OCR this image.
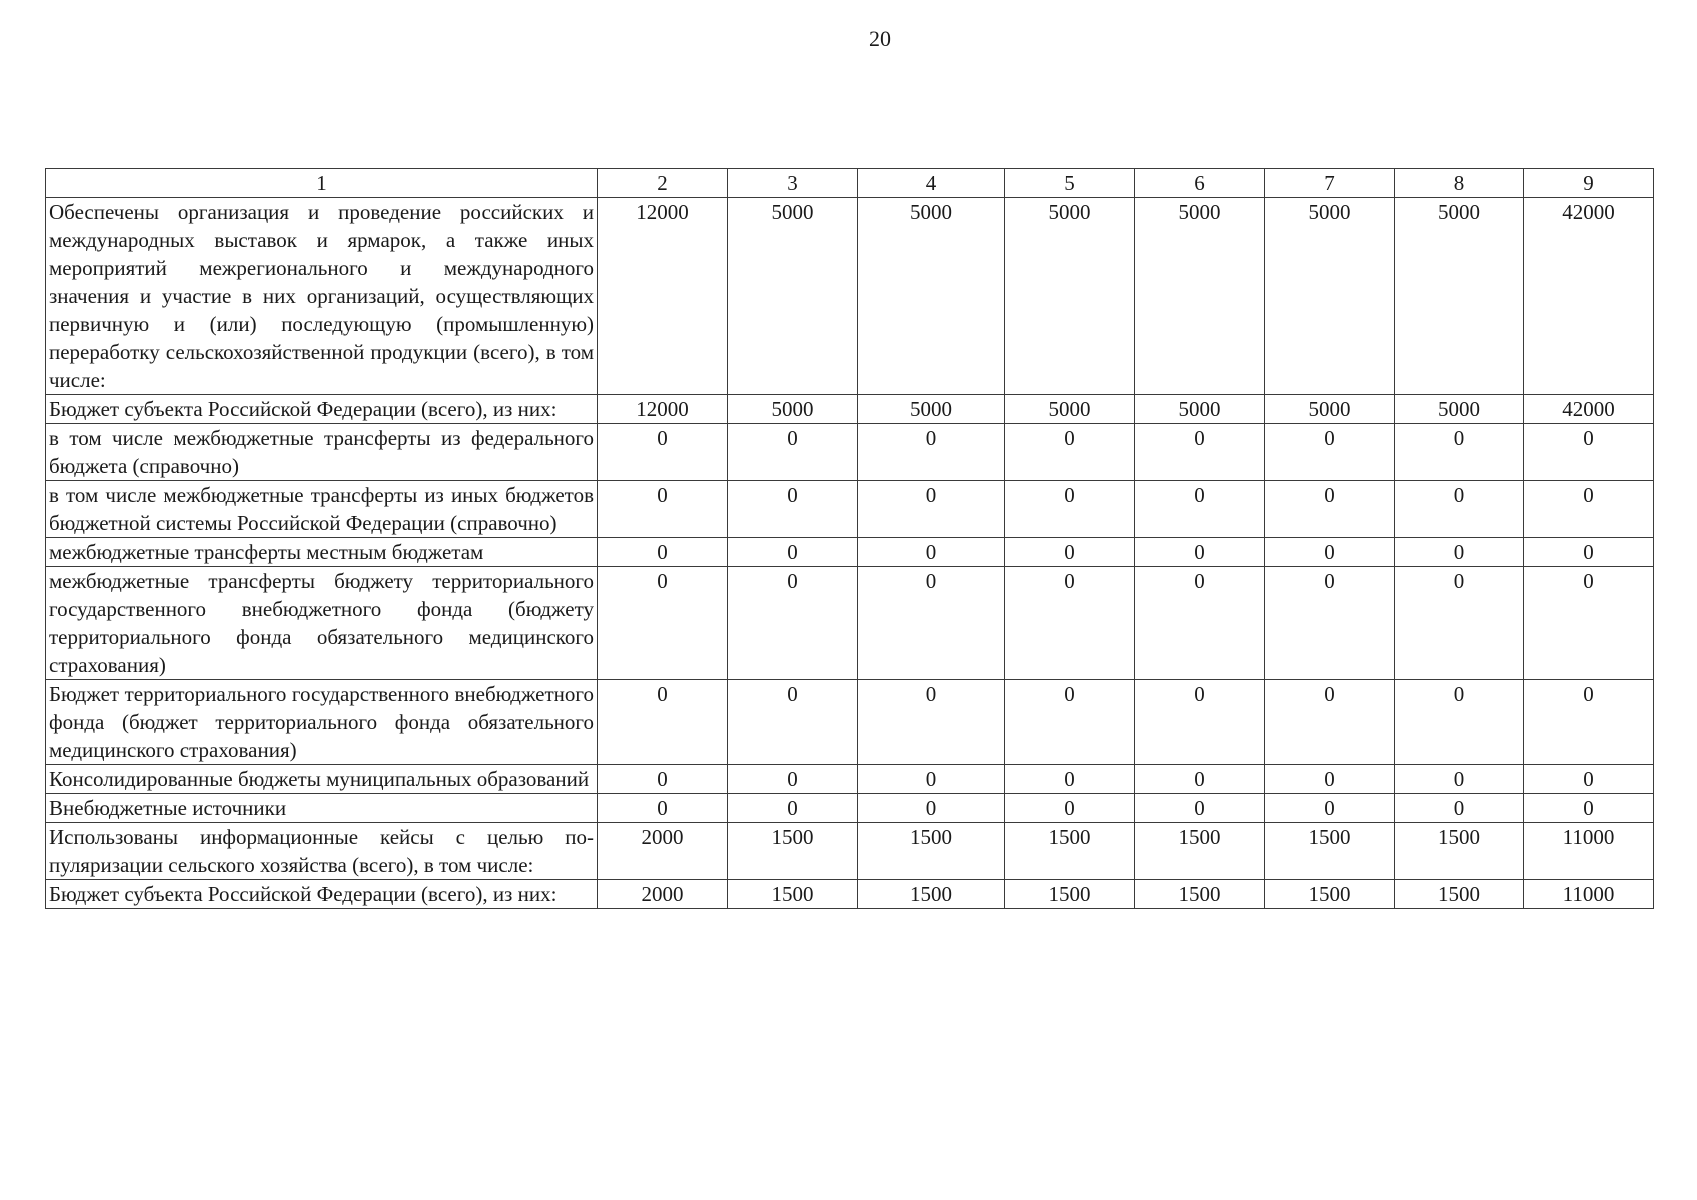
20
1	2	3	4	5	6	7	8	9
Обеспечены организация и проведение российских и международных выставок и ярмарок, а также иных мероприятий межрегионального и международного значения и участие в них организаций, осуществляющих первичную и (или) последующую (промышленную) переработку сельскохозяйственной продукции (всего), в том числе:	12000	5000	5000	5000	5000	5000	5000	42000
Бюджет субъекта Российской Федерации (всего), из них:	12000	5000	5000	5000	5000	5000	5000	42000
в том числе межбюджетные трансферты из федерального бюджета (справочно)	0	0	0	0	0	0	0	0
в том числе межбюджетные трансферты из иных бюджетов бюджетной системы Российской Федерации (справочно)	0	0	0	0	0	0	0	0
межбюджетные трансферты местным бюджетам	0	0	0	0	0	0	0	0
межбюджетные трансферты бюджету территориального государственного внебюджетного фонда (бюджету территориального фонда обязательного медицинского страхования)	0	0	0	0	0	0	0	0
Бюджет территориального государственного внебюджетного фонда (бюджет территориального фонда обязательного медицинского страхования)	0	0	0	0	0	0	0	0
Консолидированные бюджеты муниципальных образований	0	0	0	0	0	0	0	0
Внебюджетные источники	0	0	0	0	0	0	0	0
Использованы информационные кейсы с целью популяризации сельского хозяйства (всего), в том числе:	2000	1500	1500	1500	1500	1500	1500	11000
Бюджет субъекта Российской Федерации (всего), из них:	2000	1500	1500	1500	1500	1500	1500	11000
